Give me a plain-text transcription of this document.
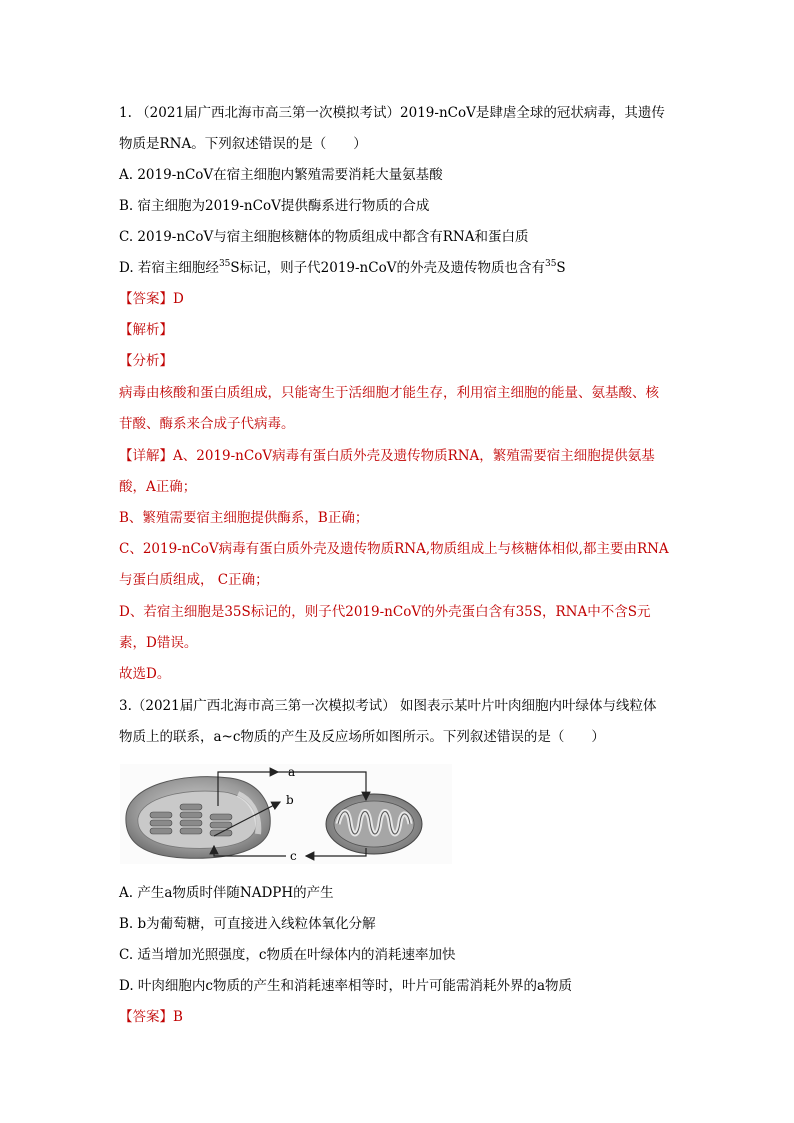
1. （2021届广西北海市高三第一次模拟考试）2019-nCoV是肆虐全球的冠状病毒，其遗传
物质是RNA。下列叙述错误的是（　　）
A. 2019-nCoV在宿主细胞内繁殖需要消耗大量氨基酸
B. 宿主细胞为2019-nCoV提供酶系进行物质的合成
C. 2019-nCoV与宿主细胞核糖体的物质组成中都含有RNA和蛋白质
D. 若宿主细胞经$^{35}$S标记，则子代2019-nCoV的外壳及遗传物质也含有$^{35}$S
【答案】D
【解析】
【分析】
病毒由核酸和蛋白质组成，只能寄生于活细胞才能生存，利用宿主细胞的能量、氨基酸、核
苷酸、酶系来合成子代病毒。
【详解】A、2019-nCoV病毒有蛋白质外壳及遗传物质RNA，繁殖需要宿主细胞提供氨基
酸，A正确；
B、繁殖需要宿主细胞提供酶系，B正确；
C、2019-nCoV病毒有蛋白质外壳及遗传物质RNA,物质组成上与核糖体相似,都主要由RNA
与蛋白质组成， C正确；
D、若宿主细胞是35S标记的，则子代2019-nCoV的外壳蛋白含有35S，RNA中不含S元
素，D错误。
故选D。
3.（2021届广西北海市高三第一次模拟考试） 如图表示某叶片叶肉细胞内叶绿体与线粒体
物质上的联系，a~c物质的产生及反应场所如图所示。下列叙述错误的是（　　）
a
b
c
A. 产生a物质时伴随NADPH的产生
B. b为葡萄糖，可直接进入线粒体氧化分解
C. 适当增加光照强度，c物质在叶绿体内的消耗速率加快
D. 叶肉细胞内c物质的产生和消耗速率相等时，叶片可能需消耗外界的a物质
【答案】B
